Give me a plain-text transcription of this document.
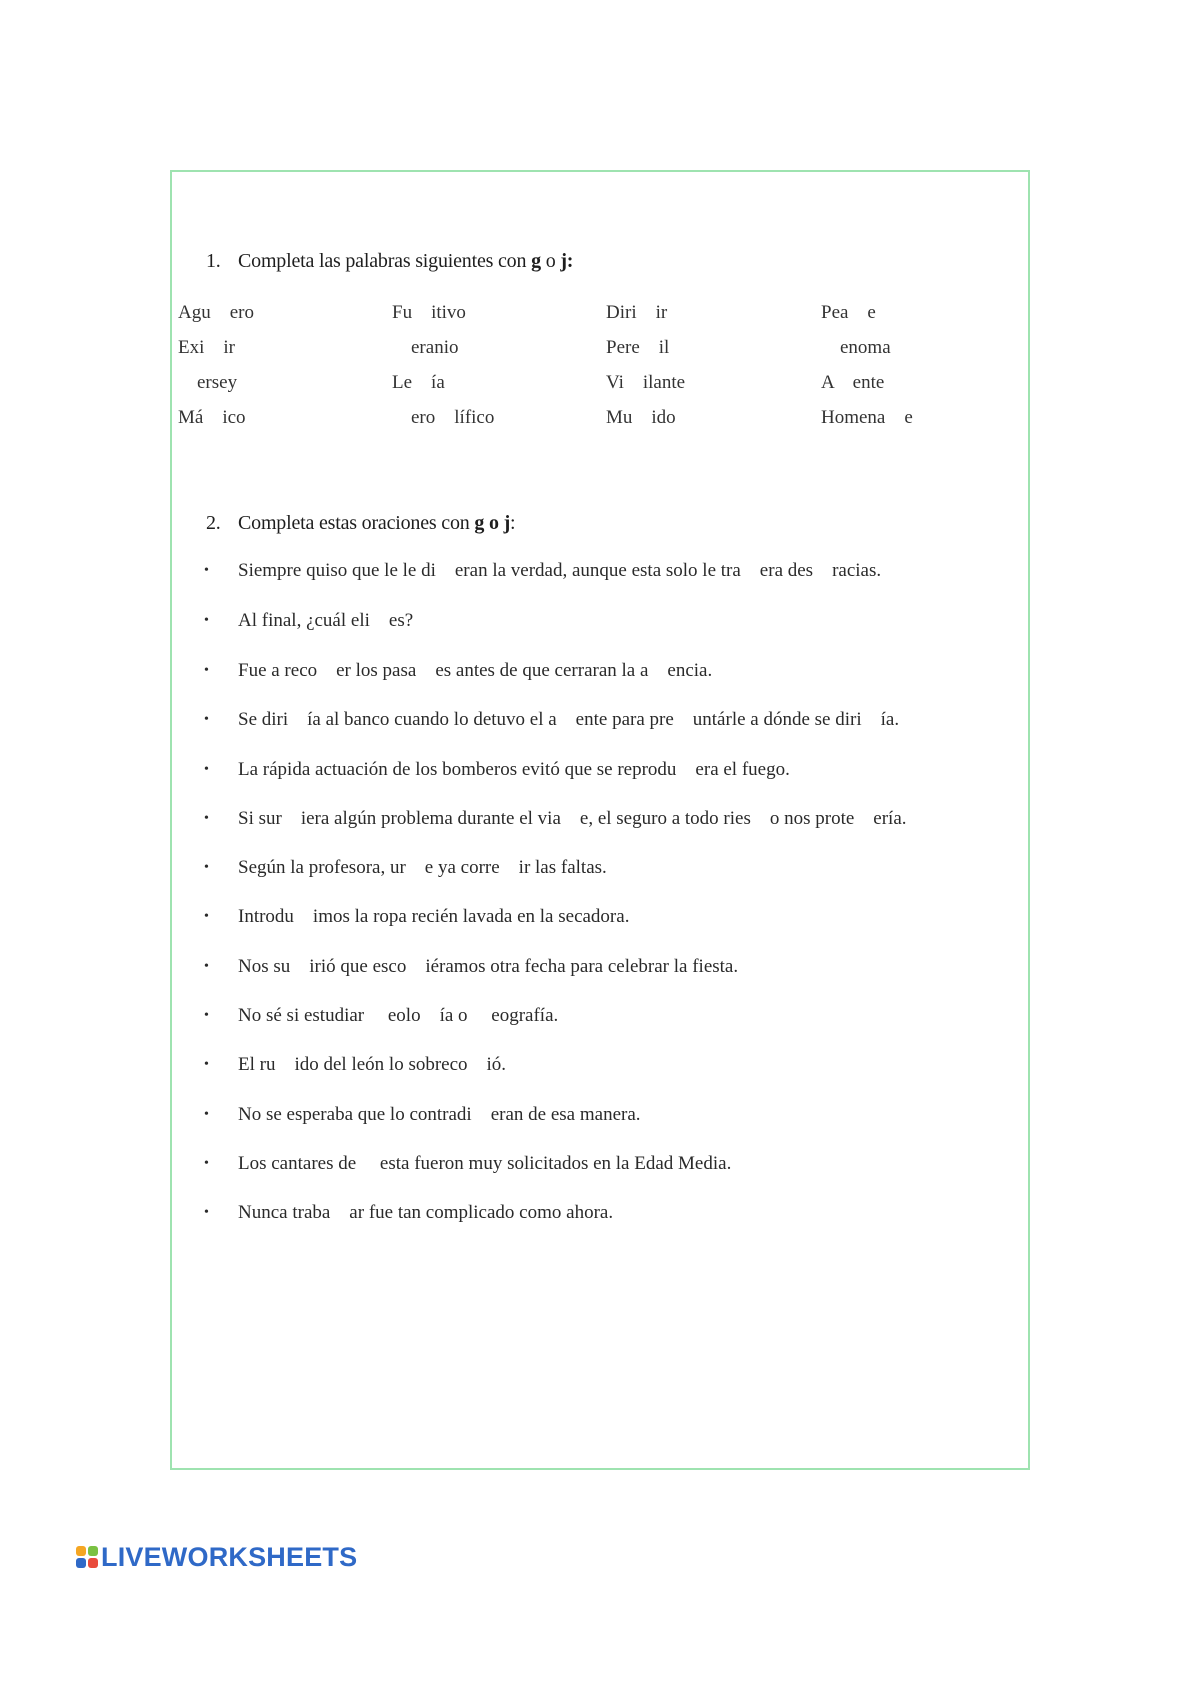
1. Completa las palabras siguientes con g o j:
Agu    ero	Fu    itivo	Diri    ir	Pea    e
Exi    ir	eranio	Pere    il	enoma
ersey	Le    ía	Vi    ilante	A    ente
Má    ico	ero    lífico	Mu    ido	Homena    e
2. Completa estas oraciones con g o j:
• Siempre quiso que le le di    eran la verdad, aunque esta solo le tra    era des    racias.
• Al final, ¿cuál eli    es?
• Fue a reco    er los pasa    es antes de que cerraran la a    encia.
• Se diri    ía al banco cuando lo detuvo el a    ente para pre    untárle a dónde se diri    ía.
• La rápida actuación de los bomberos evitó que se reprodu    era el fuego.
• Si sur    iera algún problema durante el via    e, el seguro a todo ries    o nos prote    ería.
• Según la profesora, ur    e ya corre    ir las faltas.
• Introdu    imos la ropa recién lavada en la secadora.
• Nos su    irió que esco    iéramos otra fecha para celebrar la fiesta.
• No sé si estudiar     eolo    ía o     eografía.
• El ru    ido del león lo sobreco    ió.
• No se esperaba que lo contradi    eran de esa manera.
• Los cantares de     esta fueron muy solicitados en la Edad Media.
• Nunca traba    ar fue tan complicado como ahora.
LIVEWORKSHEETS
